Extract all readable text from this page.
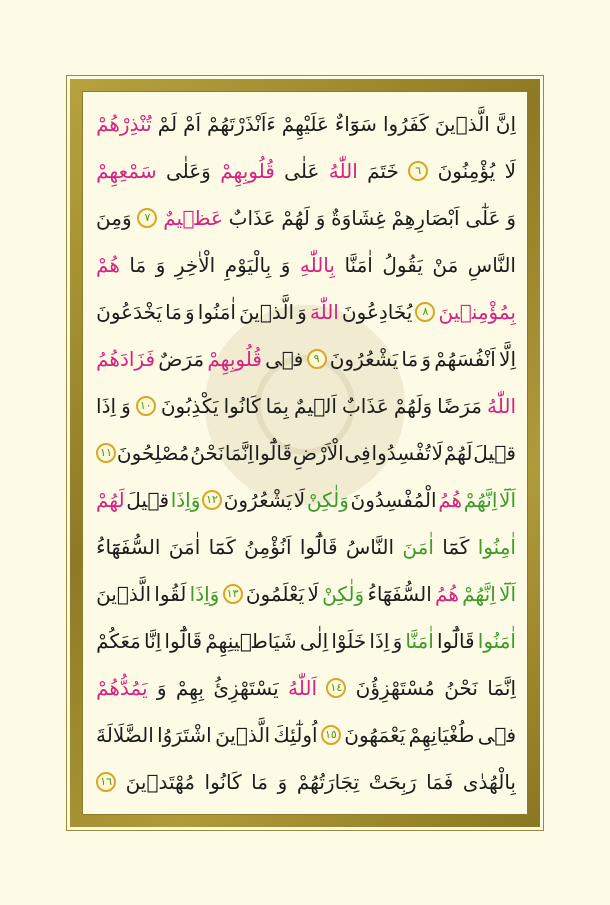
اِنَّ
الَّذٖينَ
كَفَرُوا
سَوَٓاءٌ
عَلَيْهِمْ
ءَاَنْذَرْتَهُمْ
اَمْ
لَمْ
تُنْذِرْهُمْ
لَا
يُؤْمِنُونَ
٦
خَتَمَ
اللّٰهُ
عَلٰى
قُلُوبِهِمْ
وَعَلٰى
سَمْعِهِمْ
وَ
عَلٰٓى
اَبْصَارِهِمْ
غِشَاوَةٌ
وَ
لَهُمْ
عَذَابٌ
عَظٖيمٌ
٧
وَمِنَ
النَّاسِ
مَنْ
يَقُولُ
اٰمَنَّا
بِاللّٰهِ
وَ
بِالْيَوْمِ
الْاٰخِرِ
وَ
مَا
هُمْ
بِمُؤْمِنٖينَ
٨
يُخَادِعُونَ
اللّٰهَ
وَ
الَّذٖينَ
اٰمَنُوا
وَ
مَا
يَخْدَعُونَ
اِلَّا
اَنْفُسَهُمْ
وَ
مَا
يَشْعُرُونَ
٩
فٖى
قُلُوبِهِمْ
مَرَضٌ
فَزَادَهُمُ
اللّٰهُ
مَرَضًا
وَلَهُمْ
عَذَابٌ
اَلٖيمٌ
بِمَا
كَانُوا
يَكْذِبُونَ
١٠
وَ
اِذَا
قٖيلَ
لَهُمْ
لَا
تُفْسِدُوا
فِى
الْاَرْضِ
قَالُٓوا
اِنَّمَا
نَحْنُ
مُصْلِحُونَ
١١
اَلَٓا
اِنَّهُمْ
هُمُ
الْمُفْسِدُونَ
وَلٰكِنْ
لَا
يَشْعُرُونَ
١٢
وَاِذَا
قٖيلَ
لَهُمْ
اٰمِنُوا
كَمَٓا
اٰمَنَ
النَّاسُ
قَالُٓوا
اَنُؤْمِنُ
كَمَٓا
اٰمَنَ
السُّفَهَٓاءُ
اَلَٓا
اِنَّهُمْ
هُمُ
السُّفَهَٓاءُ
وَلٰكِنْ
لَا
يَعْلَمُونَ
١٣
وَاِذَا
لَقُوا
الَّذٖينَ
اٰمَنُوا
قَالُٓوا
اٰمَنَّا
وَ
اِذَا
خَلَوْا
اِلٰى
شَيَاطٖينِهِمْ
قَالُٓوا
اِنَّا
مَعَكُمْ
اِنَّمَا
نَحْنُ
مُسْتَهْزِؤُنَ
١٤
اَللّٰهُ
يَسْتَهْزِئُ
بِهِمْ
وَ
يَمُدُّهُمْ
فٖى
طُغْيَانِهِمْ
يَعْمَهُونَ
١٥
اُولٰٓئِكَ
الَّذٖينَ
اشْتَرَوُا
الضَّلَالَةَ
بِالْهُدٰى
فَمَا
رَبِحَتْ
تِجَارَتُهُمْ
وَ
مَا
كَانُوا
مُهْتَدٖينَ
١٦
